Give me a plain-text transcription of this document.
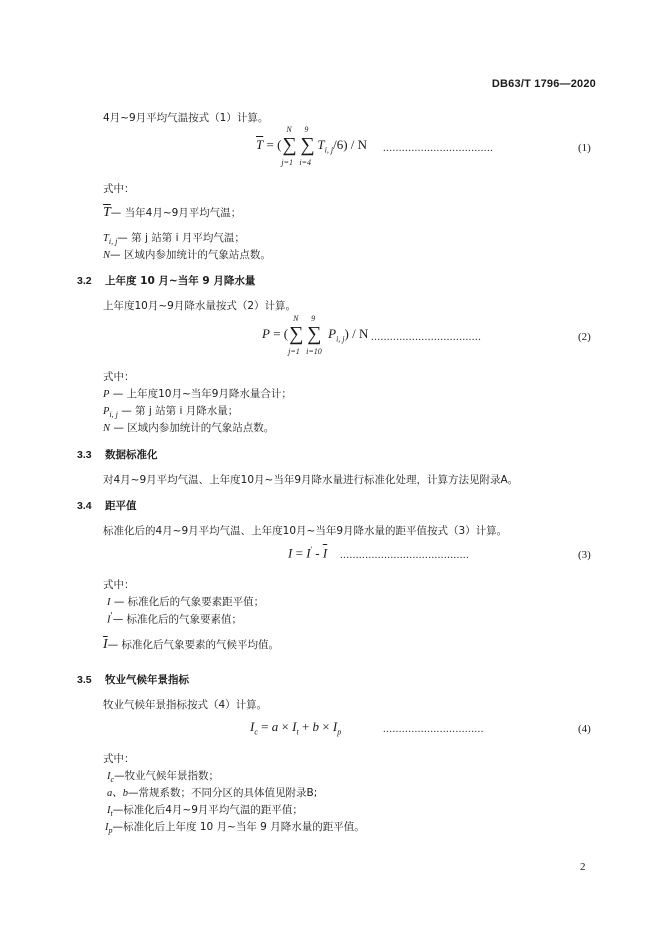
DB63/T 1796—2020
4月~9月平均气温按式（1）计算。
$\overline{T}$ = ( ∑
N
j=1
∑
9
i=4
$T_{i, j}/6$) / N ...................................	(1)
式中：
$\overline{T}—$ 当年4月~9月平均气温；
$T_{i, j}—$ 第 j 站第 i 月平均气温；
N— 区域内参加统计的气象站点数。
3.2 上年度 10 月~当年 9 月降水量
上年度10月~9月降水量按式（2）计算。
P = ( ∑
N
j=1
∑
9
i=10
$P_{i, j}$) / N ...................................	(2)
式中：
P — 上年度10月~当年9月降水量合计；
$P_{i, j}$ — 第 j 站第 i 月降水量；
N — 区域内参加统计的气象站点数。
3.3 数据标准化
对4月~9月平均气温、上年度10月~当年9月降水量进行标准化处理，计算方法见附录A。
3.4 距平值
标准化后的4月~9月平均气温、上年度10月~当年9月降水量的距平值按式（3）计算。
$I = I' - \overline{I}$ .........................................	(3)
式中：
I — 标准化后的气象要素距平值；
I'— 标准化后的气象要素值；
$\overline{I}—$ 标准化后气象要素的气候平均值。
3.5 牧业气候年景指标
牧业气候年景指标按式（4）计算。
$I_c = a \times I_t + b \times I_p$	................................	(4)
式中：
$I_c—$牧业气候年景指数；
a、b—常规系数；不同分区的具体值见附录B;
$I_t—$标准化后4月~9月平均气温的距平值；
$I_p—$标准化后上年度 10 月~当年 9 月降水量的距平值。
2
